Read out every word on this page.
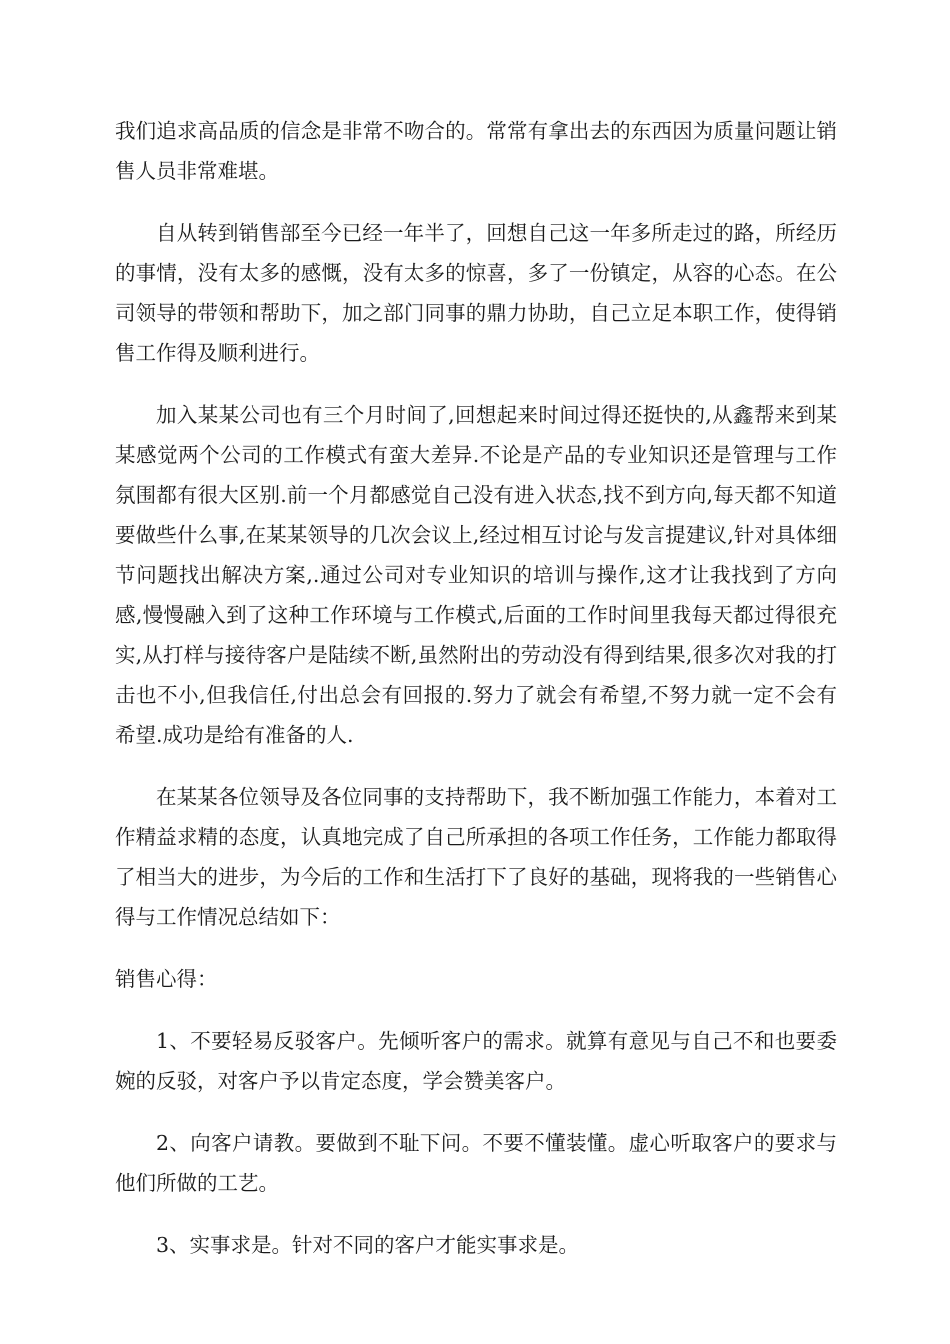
我们追求高品质的信念是非常不吻合的。常常有拿出去的东西因为质量问题让销售人员非常难堪。

自从转到销售部至今已经一年半了，回想自己这一年多所走过的路，所经历的事情，没有太多的感慨，没有太多的惊喜，多了一份镇定，从容的心态。在公司领导的带领和帮助下，加之部门同事的鼎力协助，自己立足本职工作，使得销售工作得及顺利进行。

加入某某公司也有三个月时间了,回想起来时间过得还挺快的,从鑫帮来到某某感觉两个公司的工作模式有蛮大差异.不论是产品的专业知识还是管理与工作氛围都有很大区别.前一个月都感觉自己没有进入状态,找不到方向,每天都不知道要做些什么事,在某某领导的几次会议上,经过相互讨论与发言提建议,针对具体细节问题找出解决方案,.通过公司对专业知识的培训与操作,这才让我找到了方向感,慢慢融入到了这种工作环境与工作模式,后面的工作时间里我每天都过得很充实,从打样与接待客户是陆续不断,虽然附出的劳动没有得到结果,很多次对我的打击也不小,但我信任,付出总会有回报的.努力了就会有希望,不努力就一定不会有希望.成功是给有准备的人.

在某某各位领导及各位同事的支持帮助下，我不断加强工作能力，本着对工作精益求精的态度，认真地完成了自己所承担的各项工作任务，工作能力都取得了相当大的进步，为今后的工作和生活打下了良好的基础，现将我的一些销售心得与工作情况总结如下：

销售心得：

1、不要轻易反驳客户。先倾听客户的需求。就算有意见与自己不和也要委婉的反驳，对客户予以肯定态度，学会赞美客户。

2、向客户请教。要做到不耻下问。不要不懂装懂。虚心听取客户的要求与他们所做的工艺。

3、实事求是。针对不同的客户才能实事求是。
